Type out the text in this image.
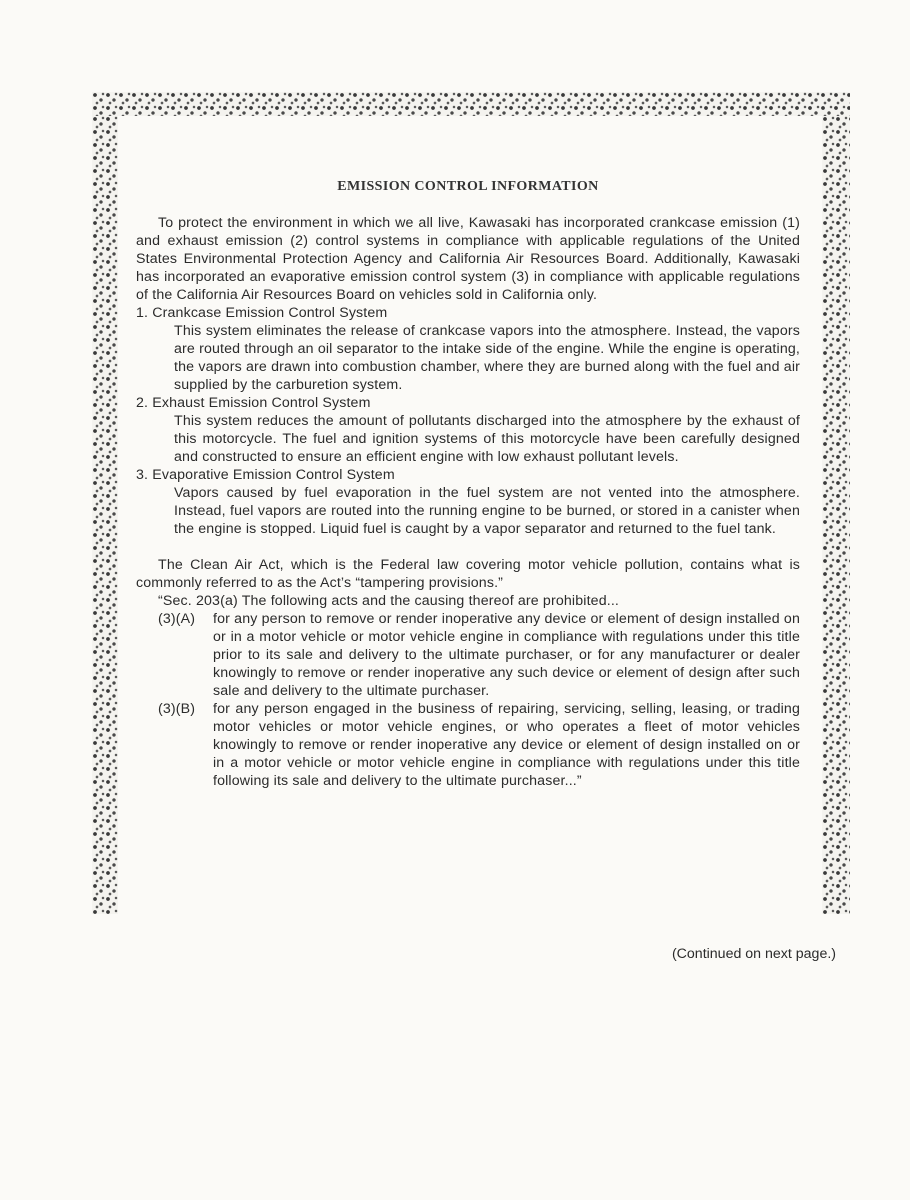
EMISSION CONTROL INFORMATION

To protect the environment in which we all live, Kawasaki has incorporated crankcase emission (1) and exhaust emission (2) control systems in compliance with applicable regulations of the United States Environmental Protection Agency and California Air Resources Board. Additionally, Kawasaki has incorporated an evaporative emission control system (3) in compliance with applicable regulations of the California Air Resources Board on vehicles sold in California only.

1. Crankcase Emission Control System

This system eliminates the release of crankcase vapors into the atmosphere. Instead, the vapors are routed through an oil separator to the intake side of the engine. While the engine is operating, the vapors are drawn into combustion chamber, where they are burned along with the fuel and air supplied by the carburetion system.

2. Exhaust Emission Control System

This system reduces the amount of pollutants discharged into the atmosphere by the exhaust of this motorcycle. The fuel and ignition systems of this motorcycle have been carefully designed and constructed to ensure an efficient engine with low exhaust pollutant levels.

3. Evaporative Emission Control System

Vapors caused by fuel evaporation in the fuel system are not vented into the atmosphere. Instead, fuel vapors are routed into the running engine to be burned, or stored in a canister when the engine is stopped. Liquid fuel is caught by a vapor separator and returned to the fuel tank.

The Clean Air Act, which is the Federal law covering motor vehicle pollution, contains what is commonly referred to as the Act’s “tampering provisions.”

“Sec. 203(a) The following acts and the causing thereof are prohibited...

(3)(A) for any person to remove or render inoperative any device or element of design installed on or in a motor vehicle or motor vehicle engine in compliance with regulations under this title prior to its sale and delivery to the ultimate purchaser, or for any manufacturer or dealer knowingly to remove or render inoperative any such device or element of design after such sale and delivery to the ultimate purchaser.
(3)(B) for any person engaged in the business of repairing, servicing, selling, leasing, or trading motor vehicles or motor vehicle engines, or who operates a fleet of motor vehicles knowingly to remove or render inoperative any device or element of design installed on or in a motor vehicle or motor vehicle engine in compliance with regulations under this title following its sale and delivery to the ultimate purchaser...”
(Continued on next page.)
